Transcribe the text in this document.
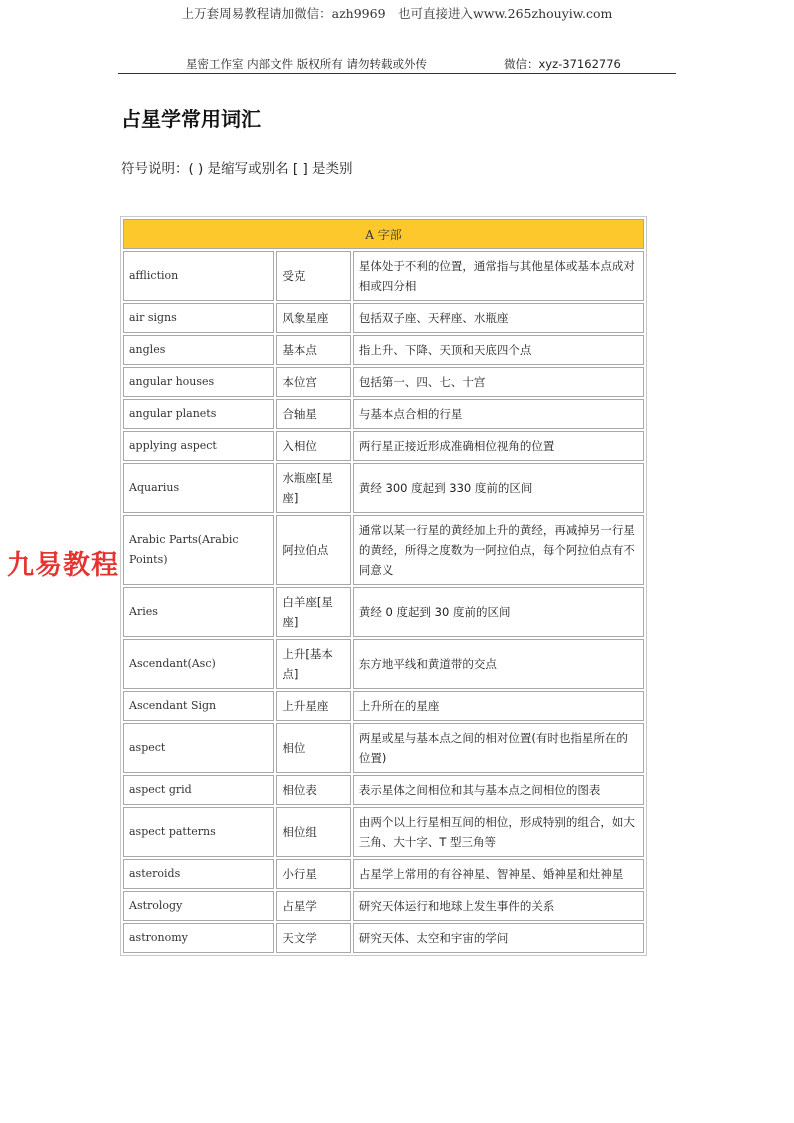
上万套周易教程请加微信：azh9969　也可直接进入www.265zhouyiw.com
星密工作室 内部文件 版权所有 请勿转载或外传	微信：xyz-37162776
占星学常用词汇
符号说明：( ) 是缩写或别名 [ ] 是类别
九易教程
A 字部		
affliction	受克	星体处于不利的位置，通常指与其他星体或基本点成对相或四分相
air signs	风象星座	包括双子座、天秤座、水瓶座
angles	基本点	指上升、下降、天顶和天底四个点
angular houses	本位宫	包括第一、四、七、十宫
angular planets	合轴星	与基本点合相的行星
applying aspect	入相位	两行星正接近形成准确相位视角的位置
Aquarius	水瓶座[星座]	黄经 300 度起到 330 度前的区间
Arabic Parts(Arabic Points)	阿拉伯点	通常以某一行星的黄经加上升的黄经，再减掉另一行星的黄经，所得之度数为一阿拉伯点，每个阿拉伯点有不同意义
Aries	白羊座[星座]	黄经 0 度起到 30 度前的区间
Ascendant(Asc)	上升[基本点]	东方地平线和黄道带的交点
Ascendant Sign	上升星座	上升所在的星座
aspect	相位	两星或星与基本点之间的相对位置(有时也指星所在的位置)
aspect grid	相位表	表示星体之间相位和其与基本点之间相位的图表
aspect patterns	相位组	由两个以上行星相互间的相位，形成特别的组合，如大三角、大十字、T 型三角等
asteroids	小行星	占星学上常用的有谷神星、智神星、婚神星和灶神星
Astrology	占星学	研究天体运行和地球上发生事件的关系
astronomy	天文学	研究天体、太空和宇宙的学问
